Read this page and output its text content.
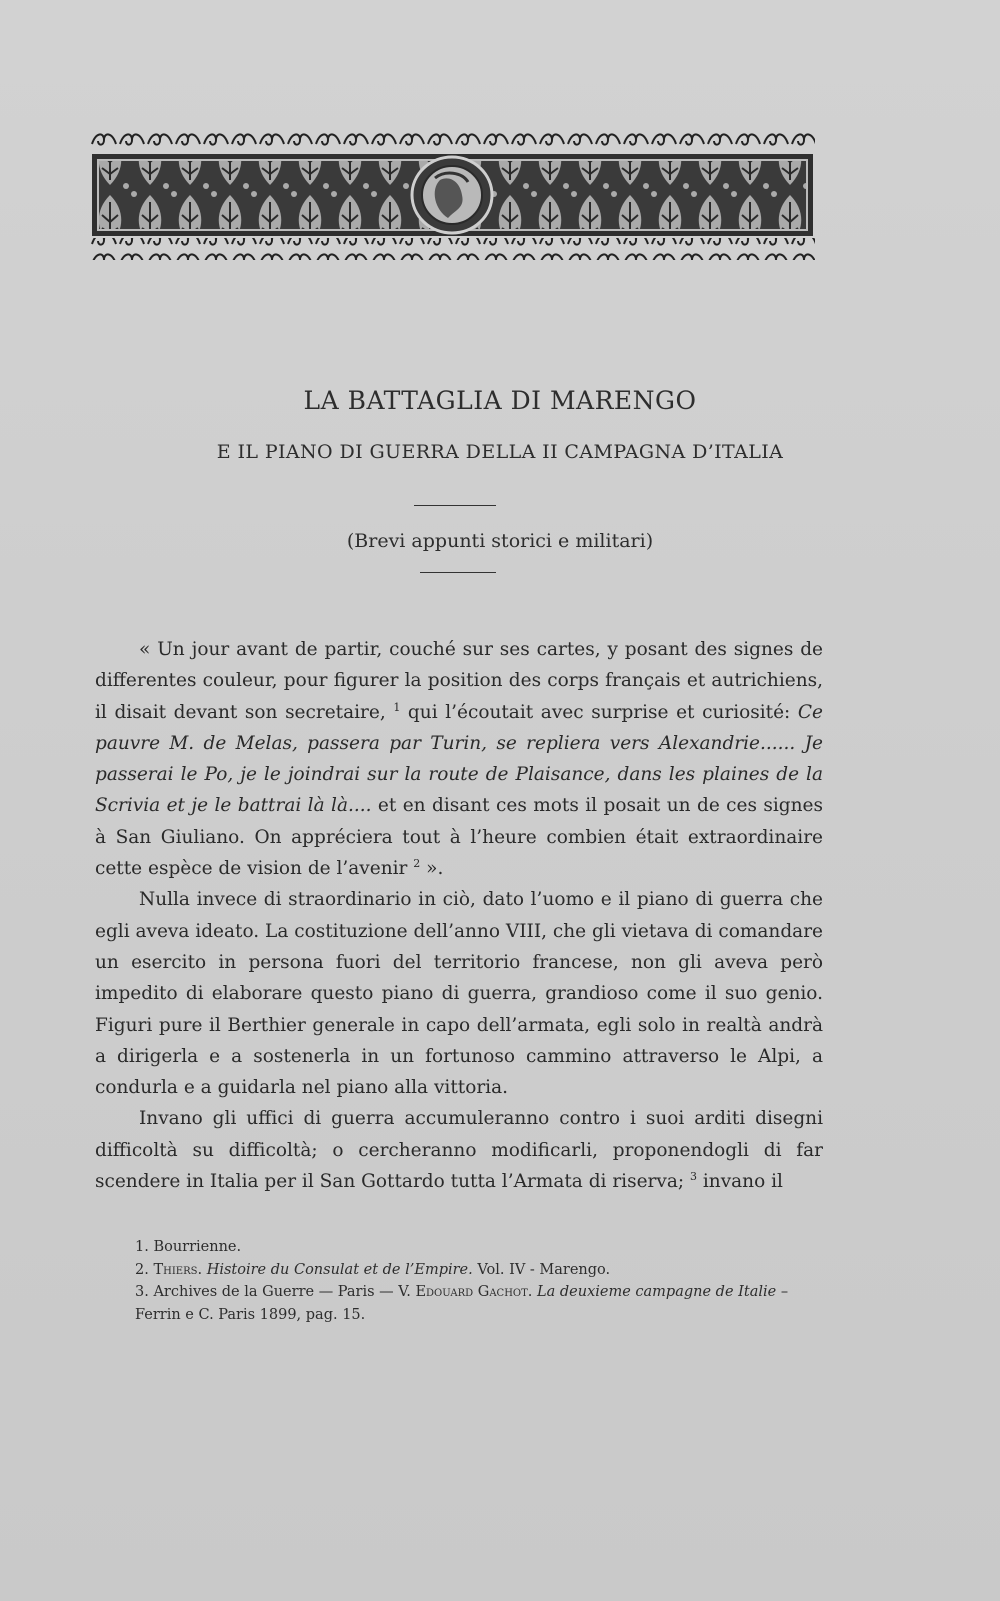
LA BATTAGLIA DI MARENGO
E IL PIANO DI GUERRA DELLA II CAMPAGNA D’ITALIA

(Brevi appunti storici e militari)

« Un jour avant de partir, couché sur ses cartes, y posant des signes de differentes couleur, pour figurer la position des corps français et autrichiens, il disait devant son secretaire, $^1$ qui l’écoutait avec surprise et curiosité: Ce pauvre M. de Melas, passera par Turin, se repliera vers Alexandrie...... Je passerai le Po, je le joindrai sur la route de Plaisance, dans les plaines de la Scrivia et je le battrai là là.... et en disant ces mots il posait un de ces signes à San Giuliano. On appréciera tout à l’heure combien était extraordinaire cette espèce de vision de l’avenir $^2$ ».

Nulla invece di straordinario in ciò, dato l’uomo e il piano di guerra che egli aveva ideato. La costituzione dell’anno VIII, che gli vietava di comandare un esercito in persona fuori del territorio francese, non gli aveva però impedito di elaborare questo piano di guerra, grandioso come il suo genio. Figuri pure il Berthier generale in capo dell’armata, egli solo in realtà andrà a dirigerla e a sostenerla in un fortunoso cammino attraverso le Alpi, a condurla e a guidarla nel piano alla vittoria.

Invano gli uffici di guerra accumuleranno contro i suoi arditi disegni difficoltà su difficoltà; o cercheranno modificarli, proponendogli di far scendere in Italia per il San Gottardo tutta l’Armata di riserva; $^3$ invano il

1. Bourrienne.

2. Thiers. Histoire du Consulat et de l’Empire. Vol. IV - Marengo.

3. Archives de la Guerre — Paris — V. Edouard Gachot. La deuxieme campagne de Italie – Ferrin e C. Paris 1899, pag. 15.
